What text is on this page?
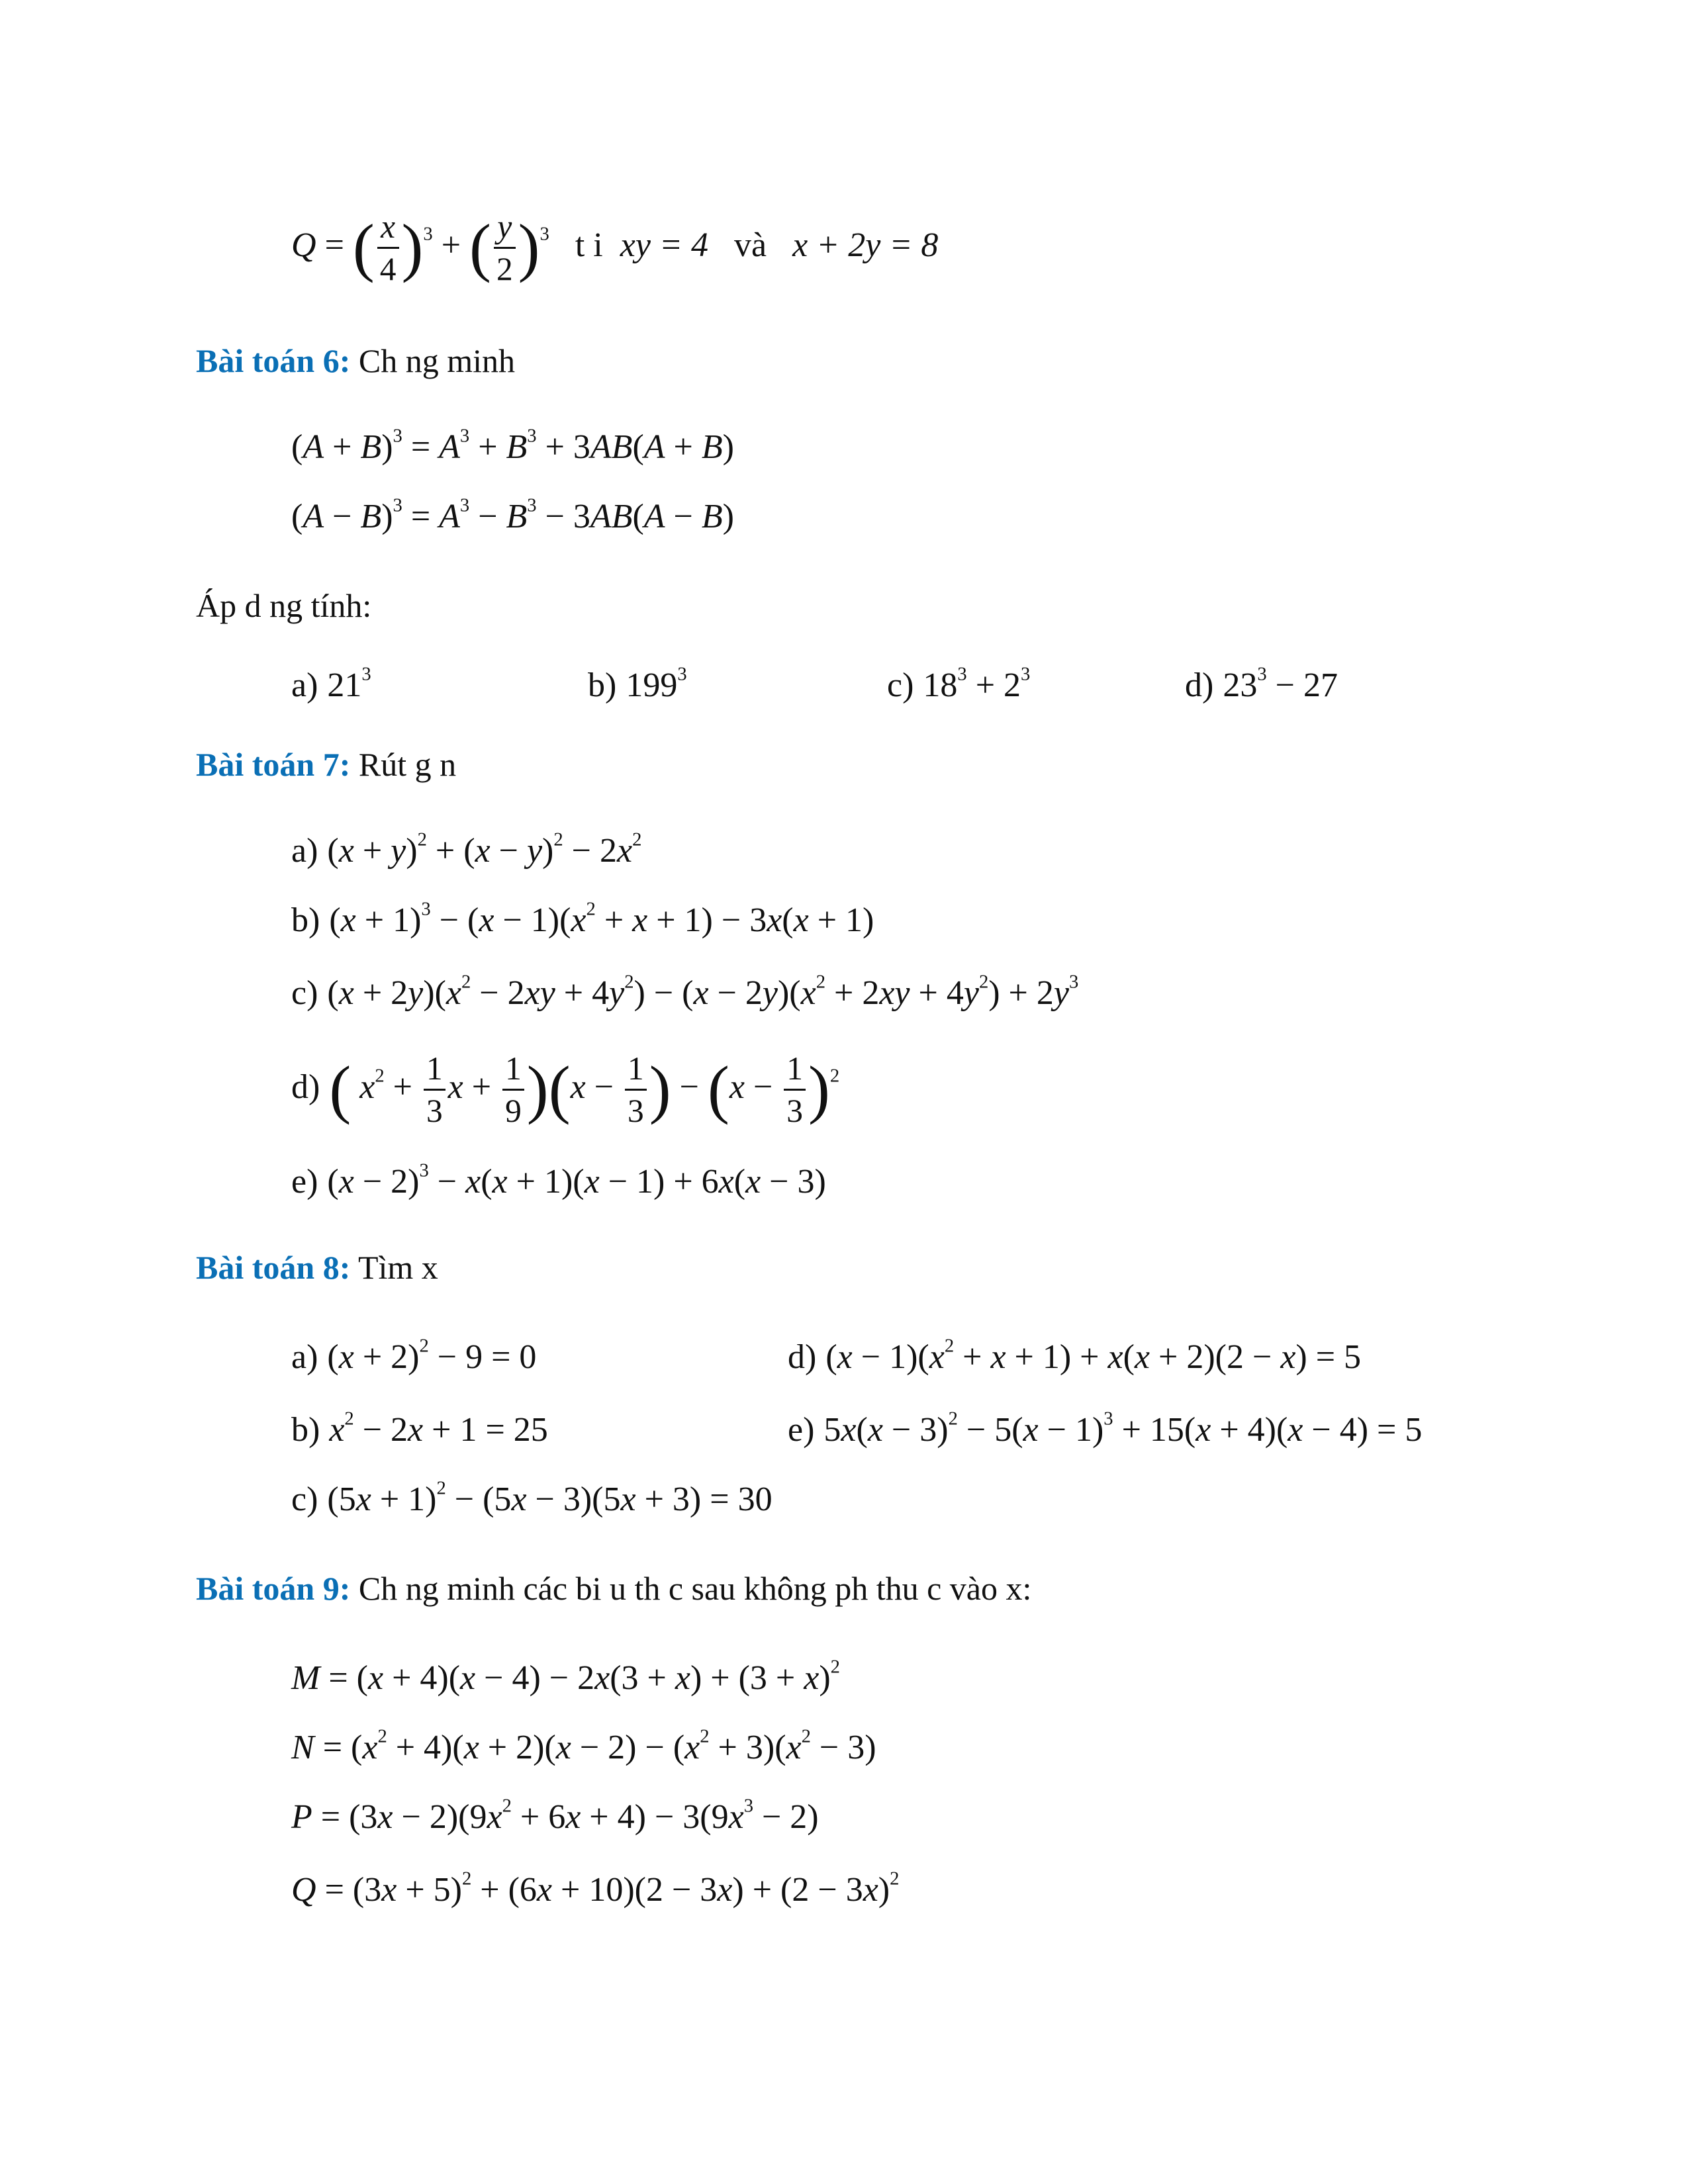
Q = ( $\frac{x}{4} )^3$ + ( $\frac{y}{2} )^3$ t i xy = 4 và x + 2y = 8
Bài toán 6: Ch ng minh
$(A + B)^3 = A^3 + B^3 + 3AB(A + B)$
$(A - B)^3 = A^3 - B^3 - 3AB(A - B)$
Áp d ng tính:
a) $21^3$	b) $199^3$	c) $18^3 + 2^3$	d) $23^3 - 27$
Bài toán 7: Rút g n
a) $(x + y)^2 + (x - y)^2 - 2x^2$
b) $(x + 1)^3 - (x - 1)(x^2 + x + 1) - 3x(x + 1)$
c) $(x + 2y)(x^2 - 2xy + 4y^2) - (x - 2y)(x^2 + 2xy + 4y^2) + 2y^3$
d) ( $x^2 + \frac{1}{3}$ $x + \frac{1}{9} )(x - \frac{1}{3}$ ) − $(x - \frac{1}{3} )^2$
e) $(x - 2)^3 - x(x + 1)(x - 1) + 6x(x - 3)$
Bài toán 8: Tìm x
a) $(x + 2)^2 - 9 = 0$	d) $(x - 1)(x^2 + x + 1) + x(x + 2)(2 - x) = 5$
b) $x^2 - 2x + 1 = 25$	e) $5x(x - 3)^2 - 5(x - 1)^3 + 15(x + 4)(x - 4) = 5$
c) $(5x + 1)^2 - (5x - 3)(5x + 3) = 30$
Bài toán 9: Ch ng minh các bi u th c sau không ph thu c vào x:
$M = (x + 4)(x - 4) - 2x(3 + x) + (3 + x)^2$
$N = (x^2 + 4)(x + 2)(x - 2) - (x^2 + 3)(x^2 - 3)$
$P = (3x - 2)(9x^2 + 6x + 4) - 3(9x^3 - 2)$
$Q = (3x + 5)^2 + (6x + 10)(2 - 3x) + (2 - 3x)^2$
